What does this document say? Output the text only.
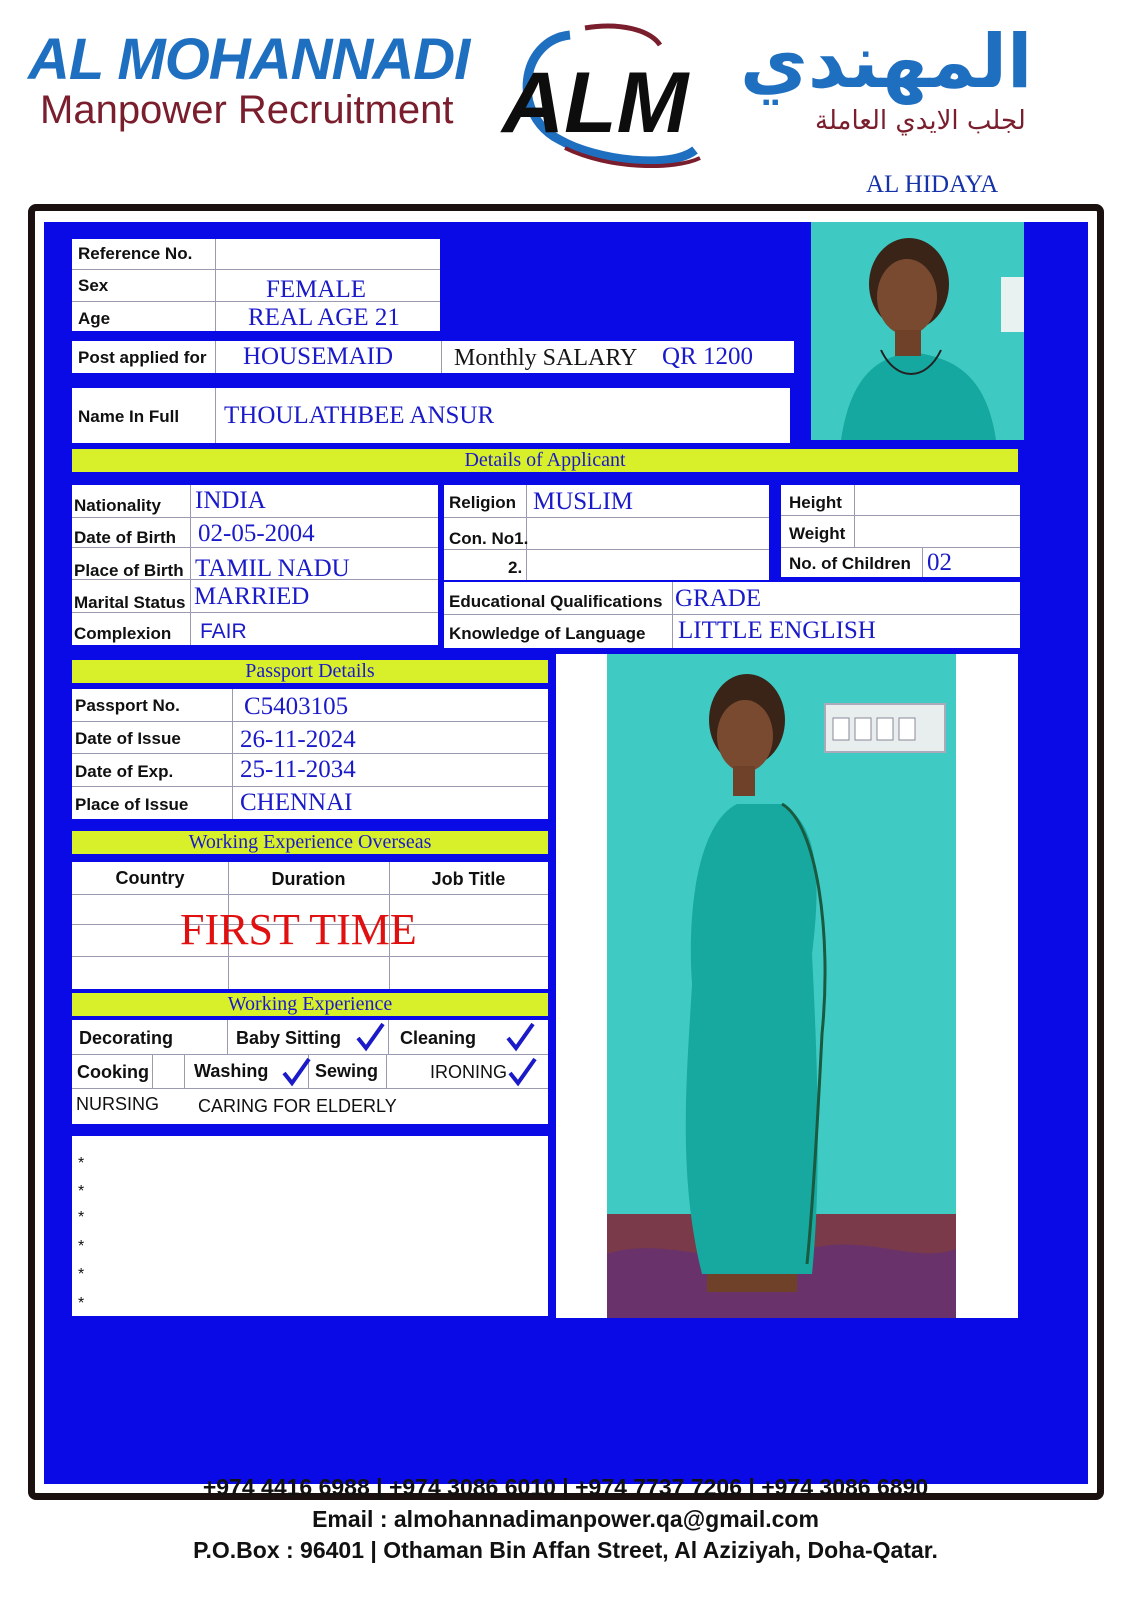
AL MOHANNADI
Manpower Recruitment ALM المهندي
لجلب الايدي العاملة
AL HIDAYA
Reference No.
Sex	FEMALE
Age	REAL AGE 21
Post applied for HOUSEMAID	Monthly SALARY QR 1200
Name In Full THOULATHBEE ANSUR
Details of Applicant
Nationality INDIA
Date of Birth 02-05-2004
Place of Birth TAMIL NADU
Marital Status MARRIED
Complexion FAIR
Religion MUSLIM
Con. No1.
2.
Height
Weight
No. of Children 02
Educational Qualifications GRADE
Knowledge of Language LITTLE ENGLISH
Passport Details
Passport No.	C5403105
Date of Issue 26-11-2024
Date of Exp.	25-11-2034
Place of Issue CHENNAI
Working Experience Overseas
Country	Duration	Job Title
FIRST TIME
Working Experience
Decorating	Baby Sitting	Cleaning
Cooking	Washing	Sewing	IRONING
NURSING CARING FOR ELDERLY
*
*
*
*
*
*
+974 4416 6988 | +974 3086 6010 | +974 7737 7206 | +974 3086 6890
Email : almohannadimanpower.qa@gmail.com
P.O.Box : 96401 | Othaman Bin Affan Street, Al Aziziyah, Doha-Qatar.
